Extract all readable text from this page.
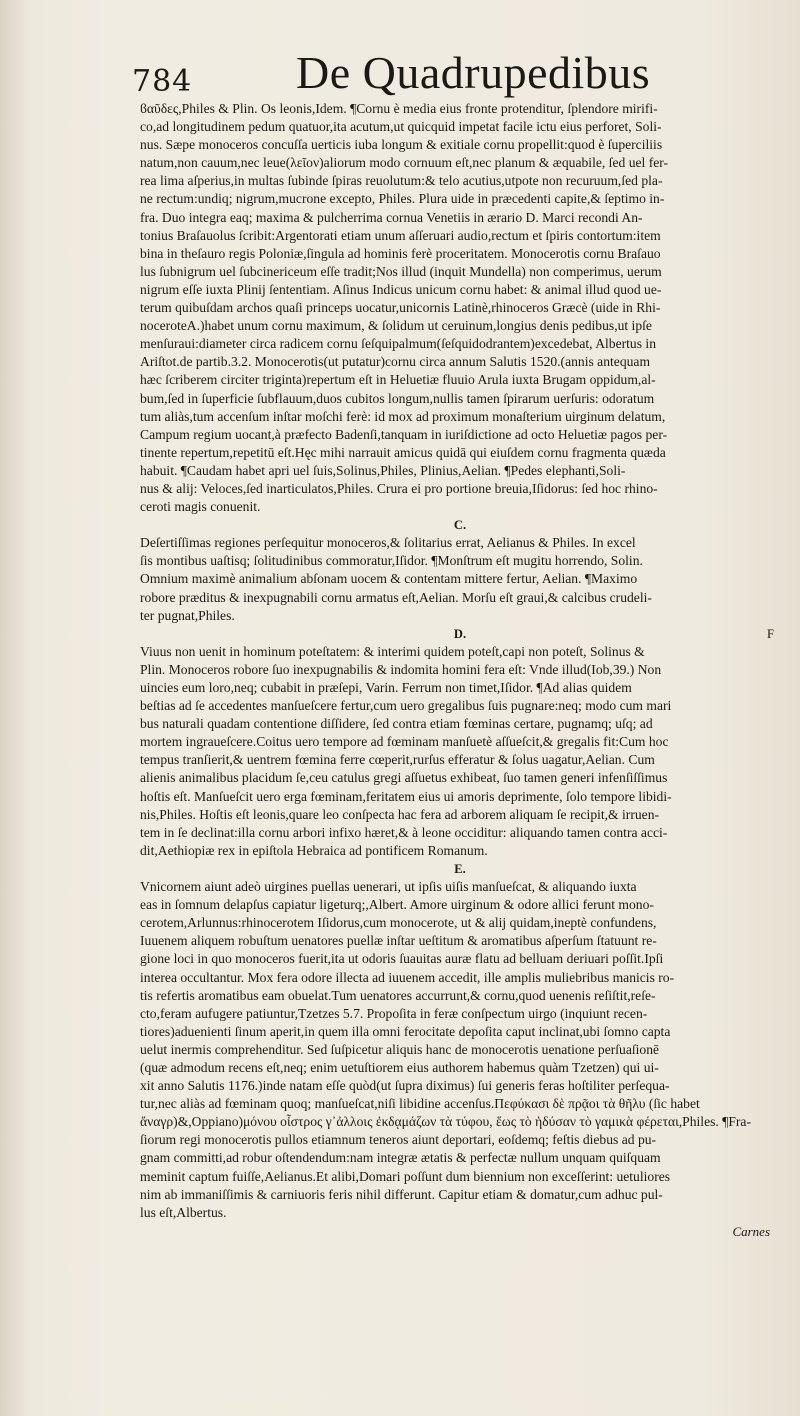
784 De Quadrupedibus
ϐαῦδες,Philes & Plin. Os leonis,Idem. ¶Cornu è media eius fronte protenditur, ſplendore mirifi-
co,ad longitudinem pedum quatuor,ita acutum,ut quicquid impetat facile ictu eius perforet, Soli-
nus. Sæpe monoceros concuſſa uerticis iuba longum & exitiale cornu propellit:quod è ſuperciliis
natum,non cauum,nec leue(λεῖον)aliorum modo cornuum eſt,nec planum & æquabile, ſed uel fer-
rea lima aſperius,in multas ſubinde ſpiras reuolutum:& telo acutius,utpote non recuruum,ſed pla-
ne rectum:undiq; nigrum,mucrone excepto, Philes. Plura uide in præcedenti capite,& ſeptimo in-
fra. Duo integra eaq; maxima & pulcherrima cornua Venetiis in ærario D. Marci recondi An-
tonius Braſauolus ſcribit:Argentorati etiam unum aſſeruari audio,rectum et ſpiris contortum:item
bina in theſauro regis Poloniæ,ſingula ad hominis ferè proceritatem. Monocerotis cornu Braſauo
lus ſubnigrum uel ſubcinericeum eſſe tradit;Nos illud (inquit Mundella) non comperimus, uerum
nigrum eſſe iuxta Plinij ſententiam. Aſinus Indicus unicum cornu habet: & animal illud quod ue-
terum quibuſdam archos quaſi princeps uocatur,unicornis Latinè,rhinoceros Græcè (uide in Rhi-
noceroteA.)habet unum cornu maximum, & ſolidum ut ceruinum,longius denis pedibus,ut ipſe
menſuraui:diameter circa radicem cornu ſeſquipalmum(ſeſquidodrantem)excedebat, Albertus in
Ariſtot.de partib.3.2. Monocerotis(ut putatur)cornu circa annum Salutis 1520.(annis antequam
hæc ſcriberem circiter triginta)repertum eſt in Heluetiæ fluuio Arula iuxta Brugam oppidum,al-
bum,ſed in ſuperficie ſubflauum,duos cubitos longum,nullis tamen ſpirarum uerſuris: odoratum
tum aliàs,tum accenſum inſtar moſchi ferè: id mox ad proximum monaſterium uirginum delatum,
Campum regium uocant,à præfecto Badenſi,tanquam in iuriſdictione ad octo Heluetiæ pagos per-
tinente repertum,repetitū eſt.Hęc mihi narrauit amicus quidā qui eiuſdem cornu fragmenta quæda
habuit. ¶Caudam habet apri uel ſuis,Solinus,Philes, Plinius,Aelian. ¶Pedes elephanti,Soli-
nus & alij: Veloces,ſed inarticulatos,Philes. Crura ei pro portione breuia,Iſidorus: ſed hoc rhino-
ceroti magis conuenit.
C.
Deſertiſſimas regiones perſequitur monoceros,& ſolitarius errat, Aelianus & Philes. In excel
ſis montibus uaſtisq; ſolitudinibus commoratur,Iſidor. ¶Monſtrum eſt mugitu horrendo, Solin.
Omnium maximè animalium abſonam uocem & contentam mittere fertur, Aelian. ¶Maximo
robore præditus & inexpugnabili cornu armatus eſt,Aelian. Morſu eſt graui,& calcibus crudeli-
ter pugnat,Philes.
D.	F
Viuus non uenit in hominum poteſtatem: & interimi quidem poteſt,capi non poteſt, Solinus &
Plin. Monoceros robore ſuo inexpugnabilis & indomita homini fera eſt: Vnde illud(Iob,39.) Non
uincies eum loro,neq; cubabit in præſepi, Varin. Ferrum non timet,Iſidor. ¶Ad alias quidem
beſtias ad ſe accedentes manſueſcere fertur,cum uero gregalibus ſuis pugnare:neq; modo cum mari
bus naturali quadam contentione diſſidere, ſed contra etiam fœminas certare, pugnamq; uſq; ad
mortem ingraueſcere.Coitus uero tempore ad fœminam manſuetè aſſueſcit,& gregalis fit:Cum hoc
tempus tranſierit,& uentrem fœmina ferre cœperit,rurſus efferatur & ſolus uagatur,Aelian. Cum
alienis animalibus placidum ſe,ceu catulus gregi aſſuetus exhibeat, ſuo tamen generi infenſiſſimus
hoſtis eſt. Manſueſcit uero erga fœminam,feritatem eius ui amoris deprimente, ſolo tempore libidi-
nis,Philes. Hoſtis eſt leonis,quare leo conſpecta hac fera ad arborem aliquam ſe recipit,& irruen-
tem in ſe declinat:illa cornu arbori infixo hæret,& à leone occiditur: aliquando tamen contra acci-
dit,Aethiopiæ rex in epiſtola Hebraica ad pontificem Romanum.
E.
Vnicornem aiunt adeò uirgines puellas uenerari, ut ipſis uiſis manſueſcat, & aliquando iuxta
eas in ſomnum delapſus capiatur ligeturq;,Albert. Amore uirginum & odore allici ferunt mono-
cerotem,Arlunnus:rhinocerotem Iſidorus,cum monocerote, ut & alij quidam,ineptè confundens,
Iuuenem aliquem robuſtum uenatores puellæ inſtar ueſtitum & aromatibus aſperſum ſtatuunt re-
gione loci in quo monoceros fuerit,ita ut odoris ſuauitas auræ flatu ad belluam deriuari poſſit.Ipſi
interea occultantur. Mox fera odore illecta ad iuuenem accedit, ille amplis muliebribus manicis ro-
tis refertis aromatibus eam obuelat.Tum uenatores accurrunt,& cornu,quod uenenis reſiſtit,reſe-
cto,feram aufugere patiuntur,Tzetzes 5.7. Propoſita in feræ conſpectum uirgo (inquiunt recen-
tiores)aduenienti ſinum aperit,in quem illa omni ferocitate depoſita caput inclinat,ubi ſomno capta
uelut inermis comprehenditur. Sed ſuſpicetur aliquis hanc de monocerotis uenatione perſuaſionē
(quæ admodum recens eſt,neq; enim uetuſtiorem eius authorem habemus quàm Tzetzen) qui ui-
xit anno Salutis 1176.)inde natam eſſe quòd(ut ſupra diximus) ſui generis feras hoſtiliter perſequa-
tur,nec aliàs ad fœminam quoq; manſueſcat,niſi libidine accenſus.Πεφύκασι δὲ πρᾷοι τὰ θῆλυ (ſic habet
ἄναγρ)&,Oppiano)μόνου οἶστρος γ᾽ἀλλοις ἐκδᾳμάζων τὰ τύφου, ἕως τὸ ἡδύσαν τὸ γαμικὰ φέρεται,Philes. ¶Fra-
ſiorum regi monocerotis pullos etiamnum teneros aiunt deportari, eoſdemq; feſtis diebus ad pu-
gnam committi,ad robur oſtendendum:nam integræ ætatis & perfectæ nullum unquam quiſquam
meminit captum fuiſſe,Aelianus.Et alibi,Domari poſſunt dum biennium non exceſſerint: uetuliores
nim ab immaniſſimis & carniuoris feris nihil differunt. Capitur etiam & domatur,cum adhuc pul-
lus eſt,Albertus.
Carnes
